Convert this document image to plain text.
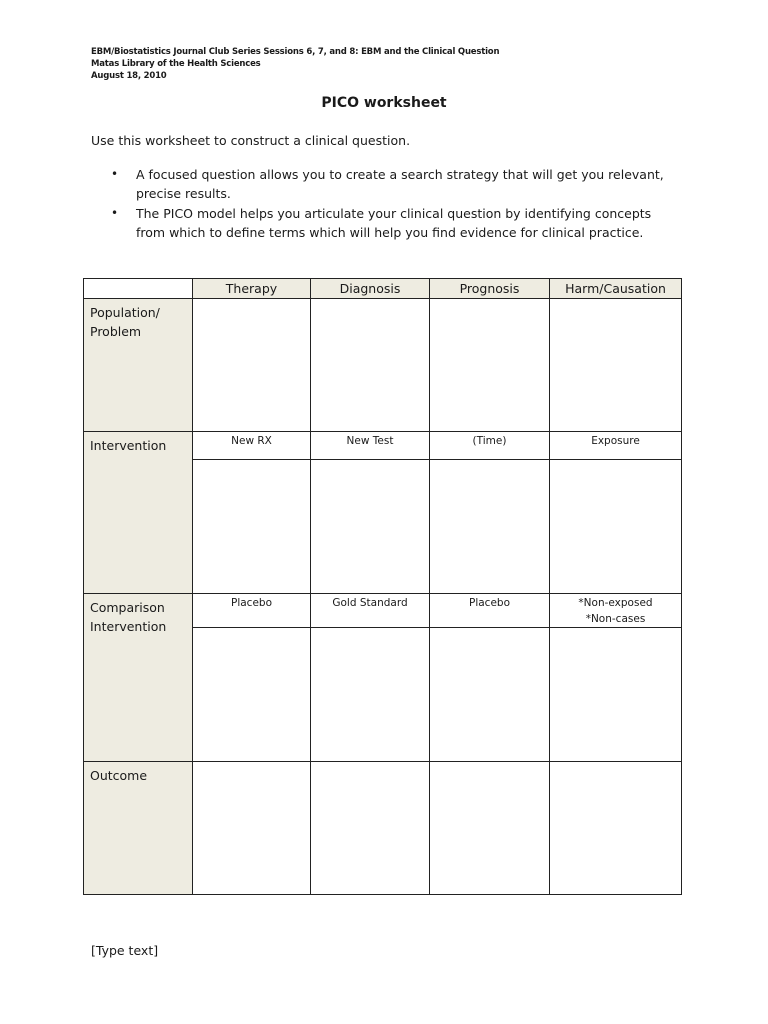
EBM/Biostatistics Journal Club Series Sessions 6, 7, and 8: EBM and the Clinical Question
Matas Library of the Health Sciences
August 18, 2010
PICO worksheet
Use this worksheet to construct a clinical question.
• A focused question allows you to create a search strategy that will get you relevant, precise results.
• The PICO model helps you articulate your clinical question by identifying concepts from which to define terms which will help you find evidence for clinical practice.
	Therapy	Diagnosis	Prognosis	Harm/Causation
Population/ Problem				
Intervention	New RX	New Test	(Time)	Exposure

Comparison Intervention	Placebo	Gold Standard	Placebo	*Non-exposed
*Non-cases

Outcome				
[Type text]
